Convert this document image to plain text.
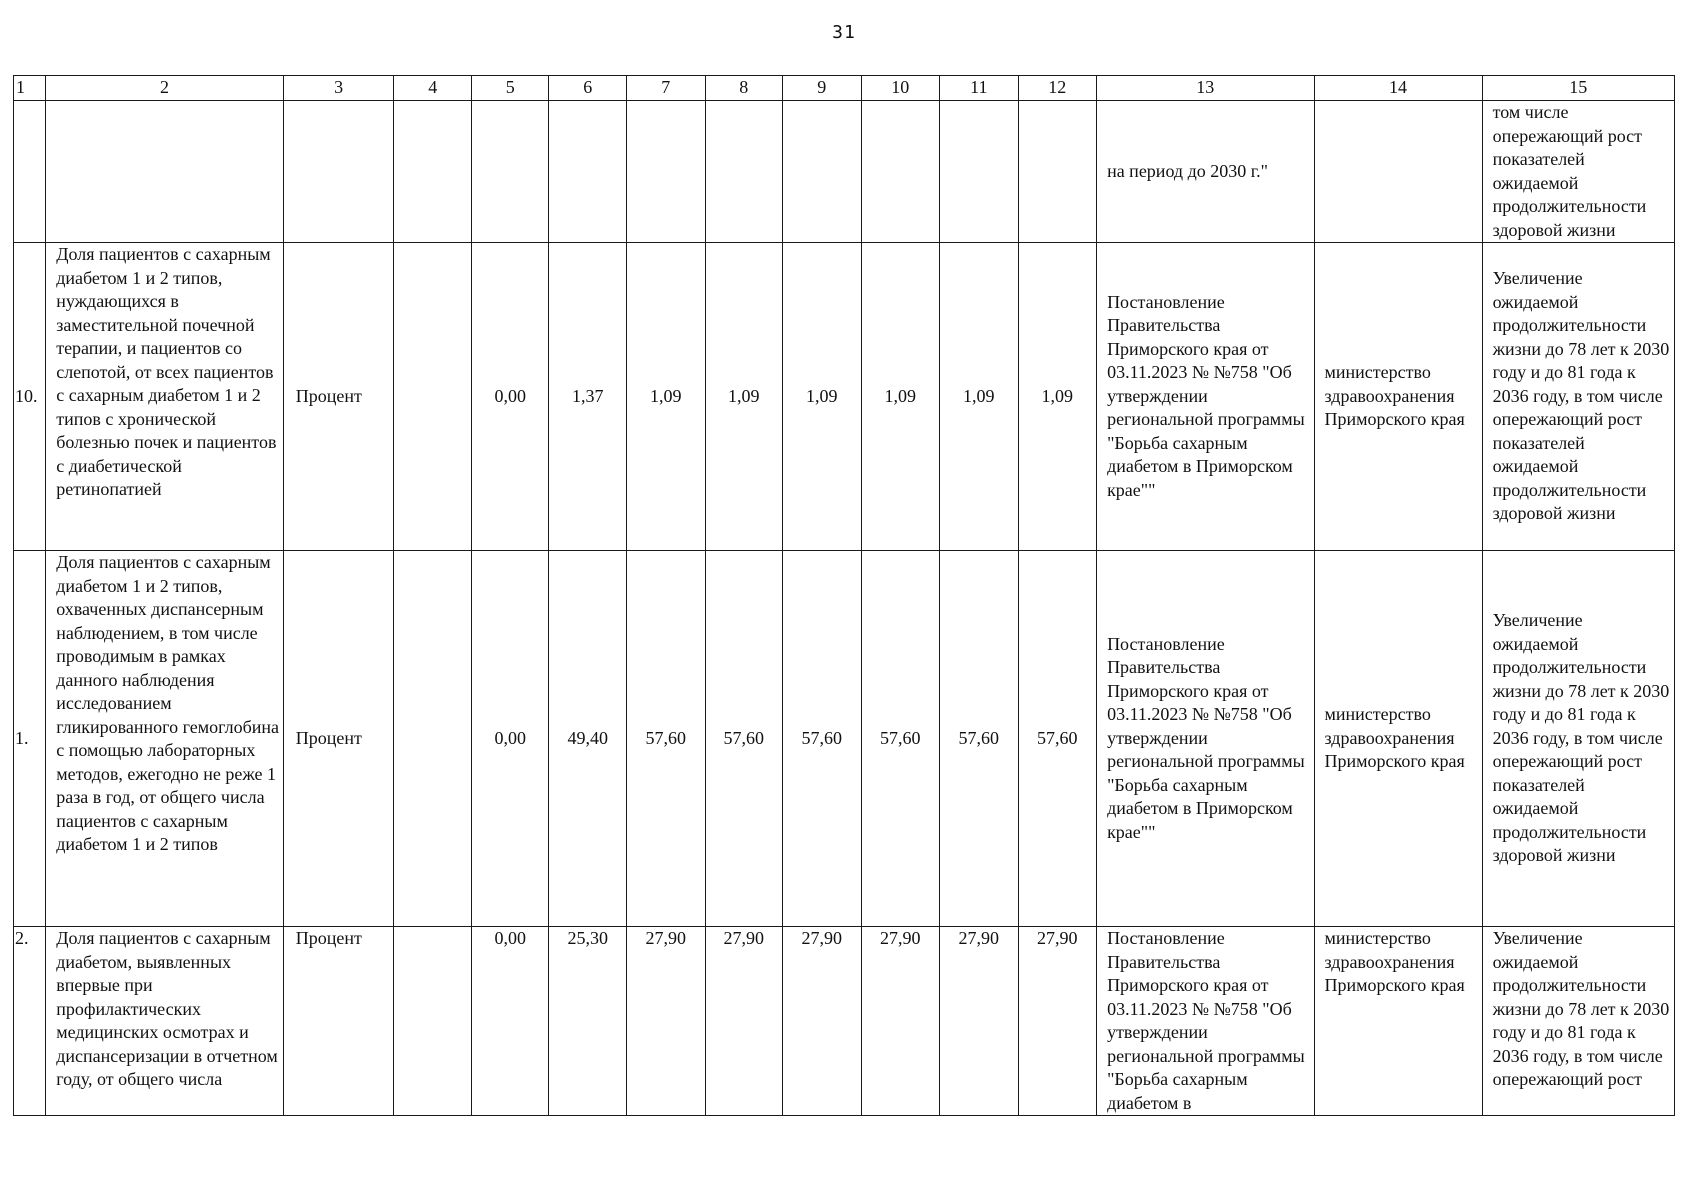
31
1	2	3	4	5	6	7	8	9	10	11	12	13	14	15
												на период до 2030 г."		том числе опережающий рост показателей ожидаемой продолжительности здоровой жизни
10.	Доля пациентов с сахарным диабетом 1 и 2 типов, нуждающихся в заместительной почечной терапии, и пациентов со слепотой, от всех пациентов с сахарным диабетом 1 и 2 типов с хронической болезнью почек и пациентов с диабетической ретинопатией	Процент		0,00	1,37	1,09	1,09	1,09	1,09	1,09	1,09	Постановление Правительства Приморского края от 03.11.2023 № №758 "Об утверждении региональной программы "Борьба сахарным диабетом в Приморском крае""	министерство здравоохранения Приморского края	Увеличение ожидаемой продолжительности жизни до 78 лет к 2030 году и до 81 года к 2036 году, в том числе опережающий рост показателей ожидаемой продолжительности здоровой жизни
1.	Доля пациентов с сахарным диабетом 1 и 2 типов, охваченных диспансерным наблюдением, в том числе проводимым в рамках данного наблюдения исследованием гликированного гемоглобина с помощью лабораторных методов, ежегодно не реже 1 раза в год, от общего числа пациентов с сахарным диабетом 1 и 2 типов	Процент		0,00	49,40	57,60	57,60	57,60	57,60	57,60	57,60	Постановление Правительства Приморского края от 03.11.2023 № №758 "Об утверждении региональной программы "Борьба сахарным диабетом в Приморском крае""	министерство здравоохранения Приморского края	Увеличение ожидаемой продолжительности жизни до 78 лет к 2030 году и до 81 года к 2036 году, в том числе опережающий рост показателей ожидаемой продолжительности здоровой жизни
2.	Доля пациентов с сахарным диабетом, выявленных впервые при профилактических медицинских осмотрах и диспансеризации в отчетном году, от общего числа	Процент		0,00	25,30	27,90	27,90	27,90	27,90	27,90	27,90	Постановление Правительства Приморского края от 03.11.2023 № №758 "Об утверждении региональной программы "Борьба сахарным диабетом в	министерство здравоохранения Приморского края	Увеличение ожидаемой продолжительности жизни до 78 лет к 2030 году и до 81 года к 2036 году, в том числе опережающий рост
